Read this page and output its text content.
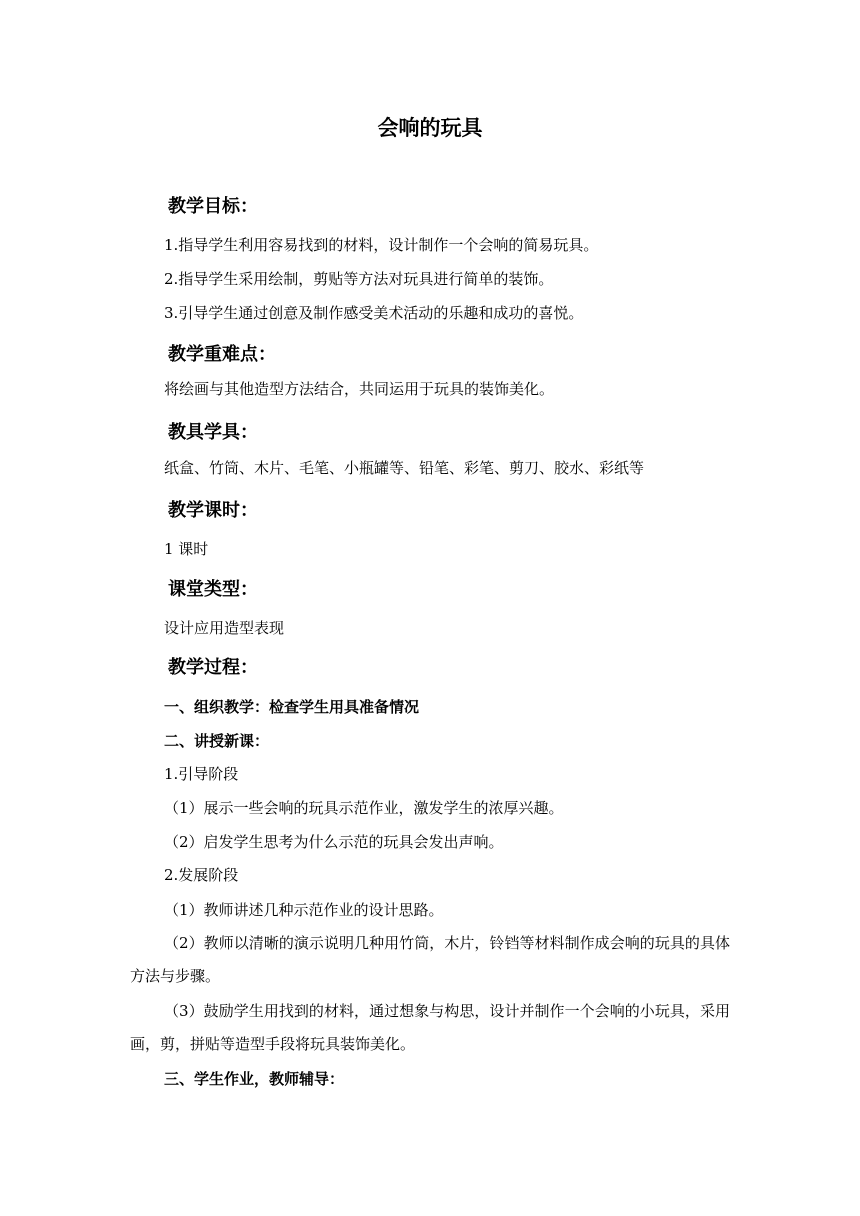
会响的玩具
教学目标：
1.指导学生利用容易找到的材料，设计制作一个会响的简易玩具。
2.指导学生采用绘制，剪贴等方法对玩具进行简单的装饰。
3.引导学生通过创意及制作感受美术活动的乐趣和成功的喜悦。
教学重难点：
将绘画与其他造型方法结合，共同运用于玩具的装饰美化。
教具学具：
纸盒、竹筒、木片、毛笔、小瓶罐等、铅笔、彩笔、剪刀、胶水、彩纸等
教学课时：
1 课时
课堂类型：
设计应用造型表现
教学过程：
一、组织教学：检查学生用具准备情况
二、讲授新课：
1.引导阶段
（1）展示一些会响的玩具示范作业，激发学生的浓厚兴趣。
（2）启发学生思考为什么示范的玩具会发出声响。
2.发展阶段
（1）教师讲述几种示范作业的设计思路。
（2）教师以清晰的演示说明几种用竹筒，木片，铃铛等材料制作成会响的玩具的具体方法与步骤。
（3）鼓励学生用找到的材料，通过想象与构思，设计并制作一个会响的小玩具，采用画，剪，拼贴等造型手段将玩具装饰美化。
三、学生作业，教师辅导：
